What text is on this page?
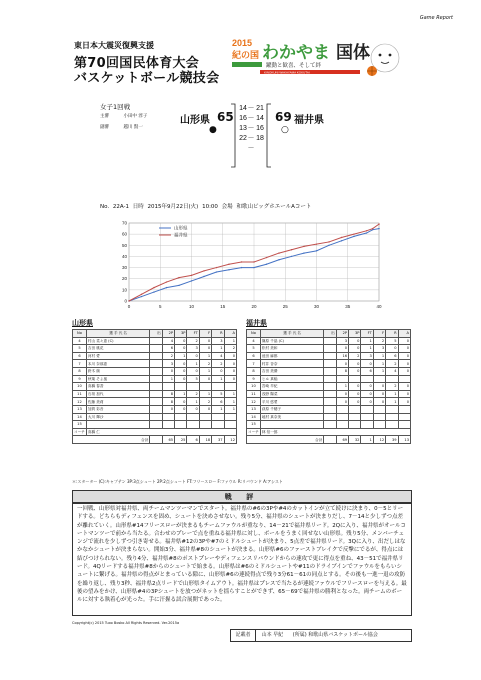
Game Report
東日本大震災復興支援
第70回国民体育大会
バスケットボール競技会
2015
紀の国 わかやま 国体
躍動と歓喜、そして絆
KINOKUNI WAKAYAMA KOKUTAI
女子1回戦
主審	小田中 淳子
副審	越川 賢一
山形県 65
14 － 21
16 － 14
13 － 16
22 － 18
－
69 福井県
●	○
No. 22A-1 日時 2015年9月22日(火) 10:00 会場 和歌山ビッグホエールAコート
0
10
20
30
40
50
60
70
0	5	10	15	20	25	30	35	40
山形県
福井県
山形県
No	選 手 氏 名	出	2P	3P	FT	F	R	A
4	村山 菜々恵 (C)		4	0	2	0	3	1
5	吉田 桃花		6	0	3	0	1	2
6	河村 愛		2	1	0	1	4	0
7	本川 奈那恵		3	0	1	2	2	0
8	鈴木 絢		0	0	0	1	0	0
9	秋葉 そよ風		1	0	5	0	1	0
10	高橋 春香							
11	石垣 加代		8	1	2	1	5	1
12	佐藤 美莉		8	0	1	2	6	1
13	加賀 彩音		0	0	0	0	1	1
14	大川 輝沙							
15								
コーチ	高橋 仁							
合計			65	25	6	18	37	12
福井県
No	選 手 氏 名	出	2P	3P	FT	F	R	A
4	篠原 千晶 (C)		3	0	1	2	5	0
5	松村 美和		0	0	1	3	0	0
6	池田 麻都		16	2	3	1	6	0
7	村井 杏奈		0	0	0	1	2	0
8	吉田 美優		8	0	6	1	4	0
9	ヒル 真稲							
10	宮崎 早紀		1	0	0	0	2	0
11	浅野 陽菜		0	0	0	0	1	0
12	平川 悠愛		0	0	0	0	1	0
13	荻原 千穂子							
14	地村 真奈美							
15								
コーチ	林 信一郎							
合計			69	32	1	12	39	13
＊:スターター (C):キャプテン 3P:3点シュート 2P:2点シュート FT:フリースロー F:ファウル R:リバウンド A:アシスト
戦 評
一回戦、山形県対福井県、両チームマンツーマンでスタート。福井県の#6の3Pや#4のカットインが立て続けに決まり、0－5とリードする。どちらもディフェンスを固め、シュートを決めさせない。残り5分、福井県のシュートが決まりだし、7－14と少しずつ点差が離れていく。山形県#14フリースローが決まるもチームファウルが重なり、14－21で福井県リード。2Qに入り、福井県がオールコートマンツーで前から当たる。合わせのプレーで点を重ねる福井県に対し、ボールをうまく回せない山形県。残り5分、メンバーチェンジで流れを少しずつ引き寄せる。福井県#12の3Pや#7のミドルシュートが決まり、5点差で福井県リード。3Qに入り、出だしはなかなかシュートが決まらない。開始3分、福井県#8のシュートが決まる。山形県#6のファーストブレイクで反撃にでるが、得点には結びつけられない。残り4分、福井県#8のポストプレーやディフェンスリバウンドからの速攻で更に得点を重ね、43－51で福井県リード。4Qリードする福井県#8からのシュートで始まる。山形県は#6のミドルシュートや#11のドライブインでファウルをもらいシュートに繋げる。福井県の得点がとまっている隙に、山形県#6の連続得点で残り3分61－61の同点とする。その後も一進一退の攻防を繰り返し、残り3秒、福井県2点リードで山形県タイムアウト。福井県はプレスで当たるが連続ファウルでフリースローを与える。最後の望みをかけ、山形県#4の3Pシュートを放つがネットを揺らすことができず、65－69で福井県の勝利となった。両チームのボールに対する執着心が光った。手に汗握る試合展開であった。
Copyright(c) 2015 Tuxo Bosko All Rights Reserved. Ver.2015a
記載者 山本 早紀 (所属) 和歌山県バスケットボール協会
